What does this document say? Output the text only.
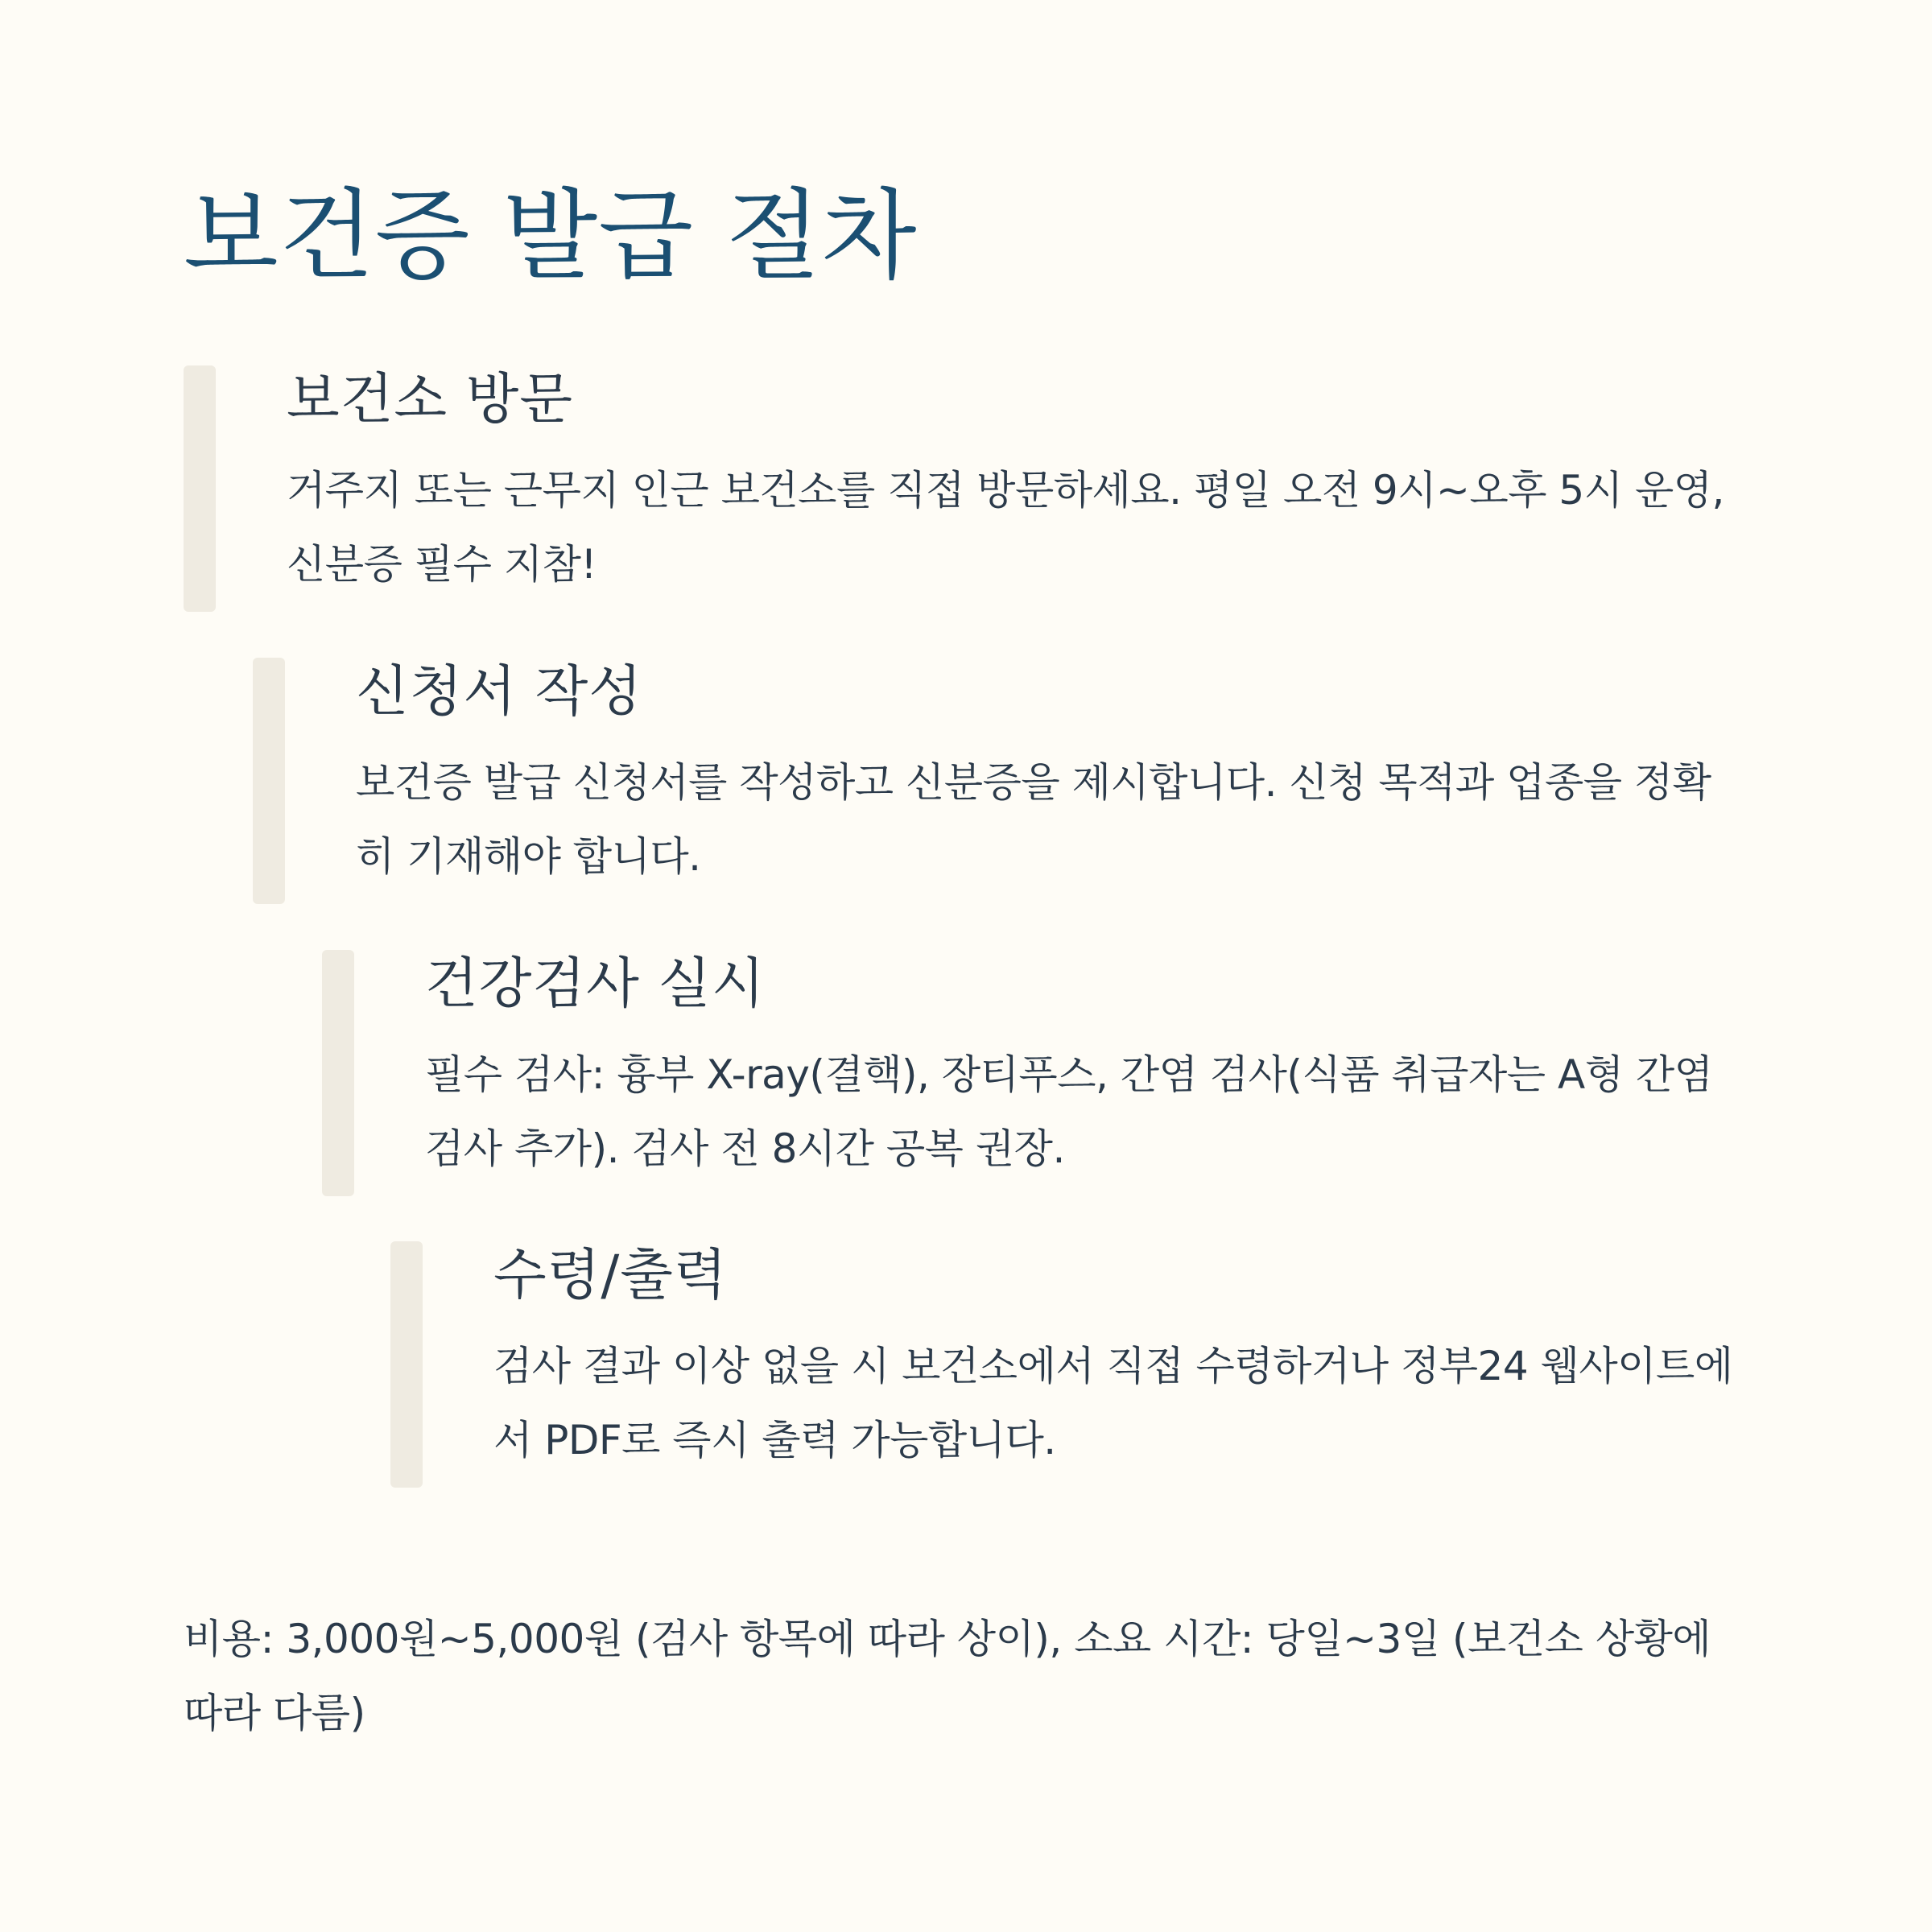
보건증 발급 절차
보건소 방문

거주지 또는 근무지 인근 보건소를 직접 방문하세요. 평일 오전 9시~오후 5시 운영, 신분증 필수 지참!

신청서 작성

보건증 발급 신청서를 작성하고 신분증을 제시합니다. 신청 목적과 업종을 정확히 기재해야 합니다.

건강검사 실시

필수 검사: 흉부 X-ray(결핵), 장티푸스, 간염 검사(식품 취급자는 A형 간염 검사 추가). 검사 전 8시간 공복 권장.

수령/출력

검사 결과 이상 없을 시 보건소에서 직접 수령하거나 정부24 웹사이트에서 PDF로 즉시 출력 가능합니다.

비용: 3,000원~5,000원 (검사 항목에 따라 상이), 소요 시간: 당일~3일 (보건소 상황에 따라 다름)
